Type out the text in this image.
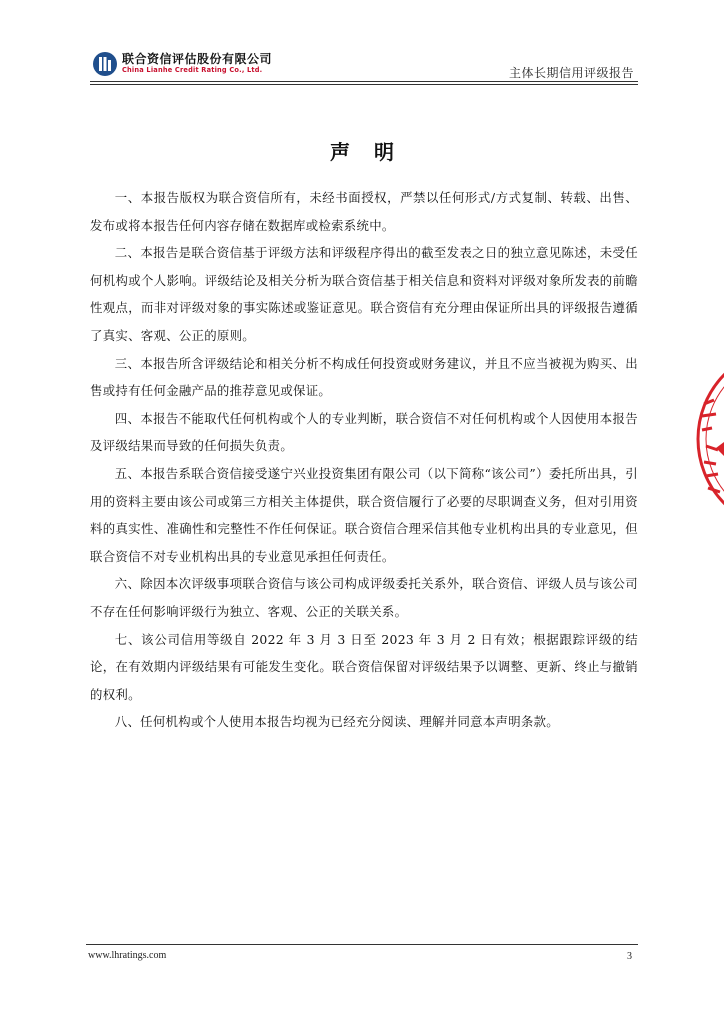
联合资信评估股份有限公司
China Lianhe Credit Rating Co., Ltd.	主体长期信用评级报告
声明

一、本报告版权为联合资信所有，未经书面授权，严禁以任何形式/方式复制、转载、出售、发布或将本报告任何内容存储在数据库或检索系统中。

二、本报告是联合资信基于评级方法和评级程序得出的截至发表之日的独立意见陈述，未受任何机构或个人影响。评级结论及相关分析为联合资信基于相关信息和资料对评级对象所发表的前瞻性观点，而非对评级对象的事实陈述或鉴证意见。联合资信有充分理由保证所出具的评级报告遵循了真实、客观、公正的原则。

三、本报告所含评级结论和相关分析不构成任何投资或财务建议，并且不应当被视为购买、出售或持有任何金融产品的推荐意见或保证。

四、本报告不能取代任何机构或个人的专业判断，联合资信不对任何机构或个人因使用本报告及评级结果而导致的任何损失负责。

五、本报告系联合资信接受遂宁兴业投资集团有限公司（以下简称“该公司”）委托所出具，引用的资料主要由该公司或第三方相关主体提供，联合资信履行了必要的尽职调查义务，但对引用资料的真实性、准确性和完整性不作任何保证。联合资信合理采信其他专业机构出具的专业意见，但联合资信不对专业机构出具的专业意见承担任何责任。

六、除因本次评级事项联合资信与该公司构成评级委托关系外，联合资信、评级人员与该公司不存在任何影响评级行为独立、客观、公正的关联关系。

七、该公司信用等级自 2022 年 3 月 3 日至 2023 年 3 月 2 日有效；根据跟踪评级的结论，在有效期内评级结果有可能发生变化。联合资信保留对评级结果予以调整、更新、终止与撤销的权利。

八、任何机构或个人使用本报告均视为已经充分阅读、理解并同意本声明条款。

www.lhratings.com	3
